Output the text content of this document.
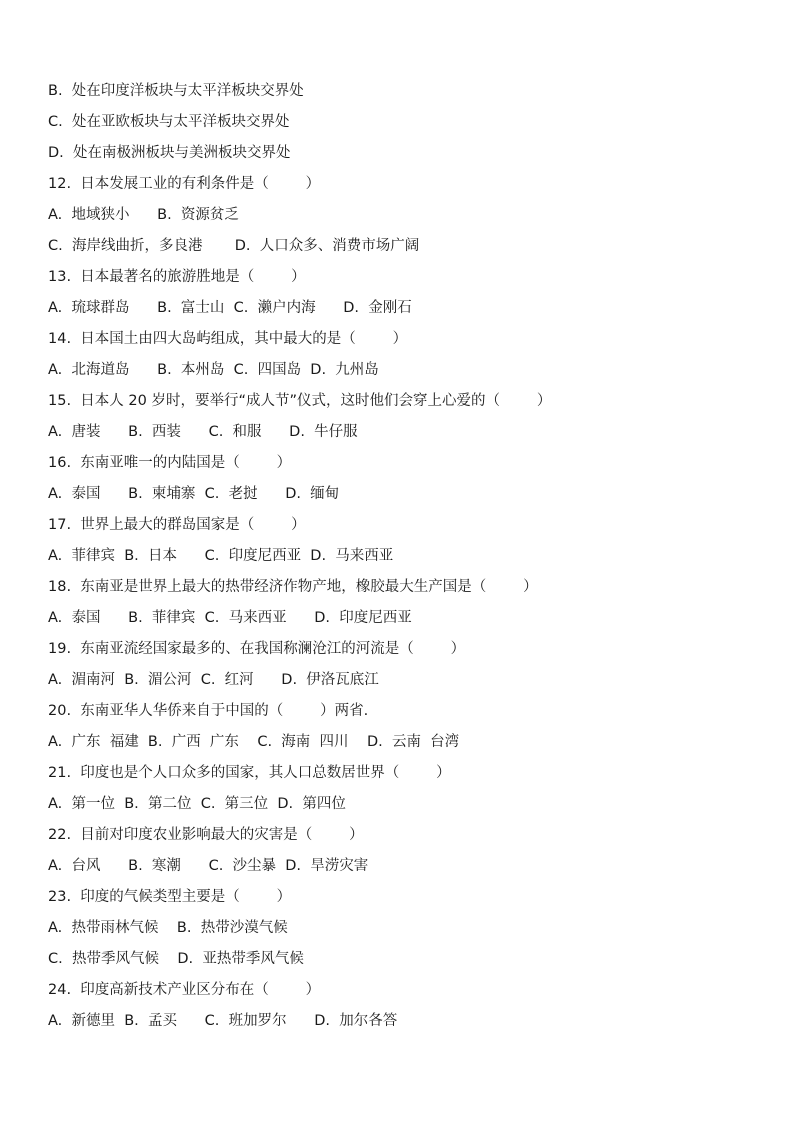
B.  处在印度洋板块与太平洋板块交界处
C.  处在亚欧板块与太平洋板块交界处
D.  处在南极洲板块与美洲板块交界处
12.  日本发展工业的有利条件是（        ）
A.  地域狭小      B.  资源贫乏
C.  海岸线曲折，多良港       D.  人口众多、消费市场广阔
13.  日本最著名的旅游胜地是（        ）
A.  琉球群岛      B.  富士山  C.  濑户内海      D.  金刚石
14.  日本国土由四大岛屿组成，其中最大的是（        ）
A.  北海道岛      B.  本州岛  C.  四国岛  D.  九州岛
15.  日本人 20 岁时，要举行“成人节”仪式，这时他们会穿上心爱的（        ）
A.  唐装      B.  西装      C.  和服      D.  牛仔服
16.  东南亚唯一的内陆国是（        ）
A.  泰国      B.  柬埔寨  C.  老挝      D.  缅甸
17.  世界上最大的群岛国家是（        ）
A.  菲律宾  B.  日本      C.  印度尼西亚  D.  马来西亚
18.  东南亚是世界上最大的热带经济作物产地，橡胶最大生产国是（        ）
A.  泰国      B.  菲律宾  C.  马来西亚      D.  印度尼西亚
19.  东南亚流经国家最多的、在我国称澜沧江的河流是（        ）
A.  湄南河  B.  湄公河  C.  红河      D.  伊洛瓦底江
20.  东南亚华人华侨来自于中国的（        ）两省.
A.  广东  福建  B.  广西  广东    C.  海南  四川    D.  云南  台湾
21.  印度也是个人口众多的国家，其人口总数居世界（        ）
A.  第一位  B.  第二位  C.  第三位  D.  第四位
22.  目前对印度农业影响最大的灾害是（        ）
A.  台风      B.  寒潮      C.  沙尘暴  D.  旱涝灾害
23.  印度的气候类型主要是（        ）
A.  热带雨林气候    B.  热带沙漠气候
C.  热带季风气候    D.  亚热带季风气候
24.  印度高新技术产业区分布在（        ）
A.  新德里  B.  孟买      C.  班加罗尔      D.  加尔各答
